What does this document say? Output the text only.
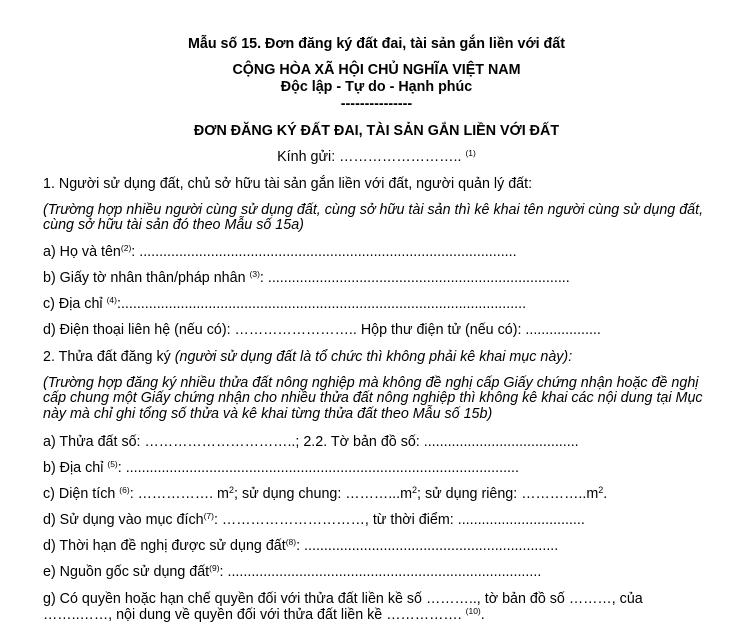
Mẫu số 15. Đơn đăng ký đất đai, tài sản gắn liền với đất
CỘNG HÒA XÃ HỘI CHỦ NGHĨA VIỆT NAM
Độc lập - Tự do - Hạnh phúc
---------------
ĐƠN ĐĂNG KÝ ĐẤT ĐAI, TÀI SẢN GẮN LIỀN VỚI ĐẤT
Kính gửi: …………………….. $^{(1)}$
1. Người sử dụng đất, chủ sở hữu tài sản gắn liền với đất, người quản lý đất:
(Trường hợp nhiều người cùng sử dụng đất, cùng sở hữu tài sản thì kê khai tên người cùng sử dụng đất,
cùng sở hữu tài sản đó theo Mẫu số 15a)
a) Họ và tên$^{(2)}$: ...............................................................................................
b) Giấy tờ nhân thân/pháp nhân $^{(3)}$: ............................................................................
c) Địa chỉ $^{(4)}$:......................................................................................................
d) Điện thoại liên hệ (nếu có): …………………….. Hộp thư điện tử (nếu có): ...................
2. Thửa đất đăng ký (người sử dụng đất là tổ chức thì không phải kê khai mục này):
(Trường hợp đăng ký nhiều thửa đất nông nghiệp mà không đề nghị cấp Giấy chứng nhận hoặc đề nghị
cấp chung một Giấy chứng nhận cho nhiều thửa đất nông nghiệp thì không kê khai các nội dung tại Mục
này mà chỉ ghi tổng số thửa và kê khai từng thửa đất theo Mẫu số 15b)
a) Thửa đất số: …………………………..; 2.2. Tờ bản đồ số: .......................................
b) Địa chỉ $^{(5)}$: ...................................................................................................
c) Diện tích $^{(6)}$: ……………. $m^2$; sử dụng chung: $\dots\dots\dots...m^2$; sử dụng riêng: $\dots\dots\dots\dots..m^2$.
d) Sử dụng vào mục đích$^{(7)}$: …………………………, từ thời điểm: ................................
d) Thời hạn đề nghị được sử dụng đất$^{(8)}$: ................................................................
e) Nguồn gốc sử dụng đất$^{(9)}$: ...............................................................................
g) Có quyền hoặc hạn chế quyền đối với thửa đất liền kề số ……….., tờ bản đồ số ………, của
……..……, nội dung về quyền đối với thửa đất liền kề ……………. $^{(10)}$.
